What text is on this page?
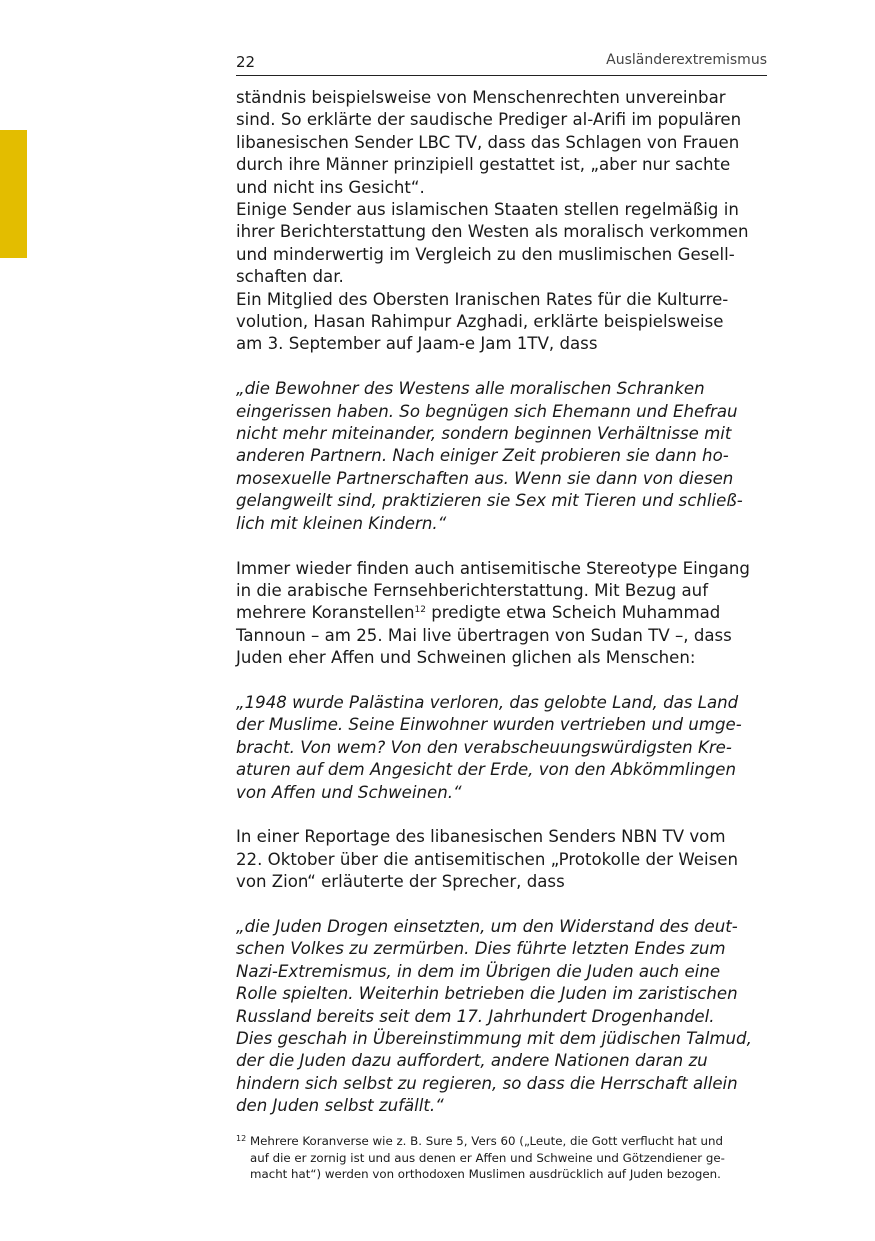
22	Ausländerextremismus

ständnis beispielsweise von Menschenrechten unvereinbar

sind. So erklärte der saudische Prediger al-Arifi im populären

libanesischen Sender LBC TV, dass das Schlagen von Frauen

durch ihre Männer prinzipiell gestattet ist, „aber nur sachte

und nicht ins Gesicht“.

Einige Sender aus islamischen Staaten stellen regelmäßig in

ihrer Berichterstattung den Westen als moralisch verkommen

und minderwertig im Vergleich zu den muslimischen Gesell-

schaften dar.

Ein Mitglied des Obersten Iranischen Rates für die Kulturre-

volution, Hasan Rahimpur Azghadi, erklärte beispielsweise

am 3. September auf Jaam-e Jam 1TV, dass

„die Bewohner des Westens alle moralischen Schranken

eingerissen haben. So begnügen sich Ehemann und Ehefrau

nicht mehr miteinander, sondern beginnen Verhältnisse mit

anderen Partnern. Nach einiger Zeit probieren sie dann ho-

mosexuelle Partnerschaften aus. Wenn sie dann von diesen

gelangweilt sind, praktizieren sie Sex mit Tieren und schließ-

lich mit kleinen Kindern.“

Immer wieder finden auch antisemitische Stereotype Eingang

in die arabische Fernsehberichterstattung. Mit Bezug auf

mehrere Koranstellen$^{12}$ predigte etwa Scheich Muhammad

Tannoun – am 25. Mai live übertragen von Sudan TV –, dass

Juden eher Affen und Schweinen glichen als Menschen:

„1948 wurde Palästina verloren, das gelobte Land, das Land

der Muslime. Seine Einwohner wurden vertrieben und umge-

bracht. Von wem? Von den verabscheuungswürdigsten Kre-

aturen auf dem Angesicht der Erde, von den Abkömmlingen

von Affen und Schweinen.“

In einer Reportage des libanesischen Senders NBN TV vom

22. Oktober über die antisemitischen „Protokolle der Weisen

von Zion“ erläuterte der Sprecher, dass

„die Juden Drogen einsetzten, um den Widerstand des deut-

schen Volkes zu zermürben. Dies führte letzten Endes zum

Nazi-Extremismus, in dem im Übrigen die Juden auch eine

Rolle spielten. Weiterhin betrieben die Juden im zaristischen

Russland bereits seit dem 17. Jahrhundert Drogenhandel.

Dies geschah in Übereinstimmung mit dem jüdischen Talmud,

der die Juden dazu auffordert, andere Nationen daran zu

hindern sich selbst zu regieren, so dass die Herrschaft allein

den Juden selbst zufällt.“

12 Mehrere Koranverse wie z. B. Sure 5, Vers 60 („Leute, die Gott verflucht hat und
auf die er zornig ist und aus denen er Affen und Schweine und Götzendiener ge-
macht hat“) werden von orthodoxen Muslimen ausdrücklich auf Juden bezogen.
